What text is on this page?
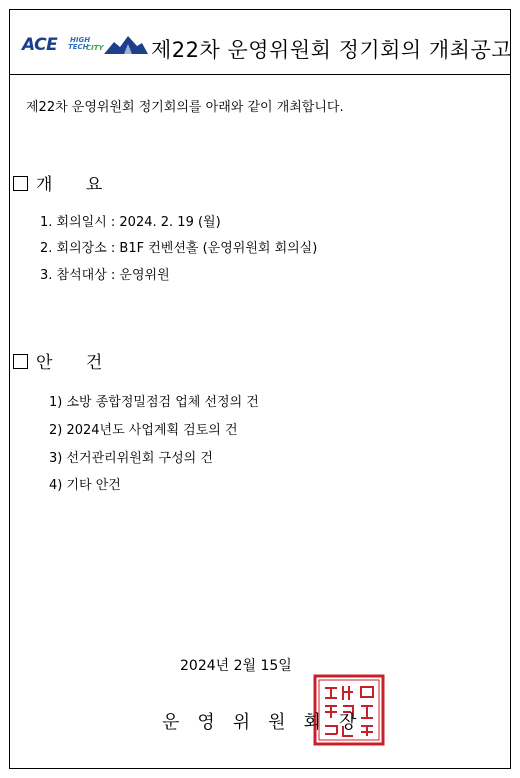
ACE HIGH
TECH
CITY 제22차 운영위원회 정기회의 개최공고
제22차 운영위원회 정기회의를 아래와 같이 개최합니다.
개 요
1. 회의일시 : 2024. 2. 19 (월)
2. 회의장소 : B1F 컨벤션홀 (운영위원회 회의실)
3. 참석대상 : 운영위원
안 건
1) 소방 종합정밀점검 업체 선정의 건
2) 2024년도 사업계획 검토의 건
3) 선거관리위원회 구성의 건
4) 기타 안건
2024년 2월 15일
운영위원회장
